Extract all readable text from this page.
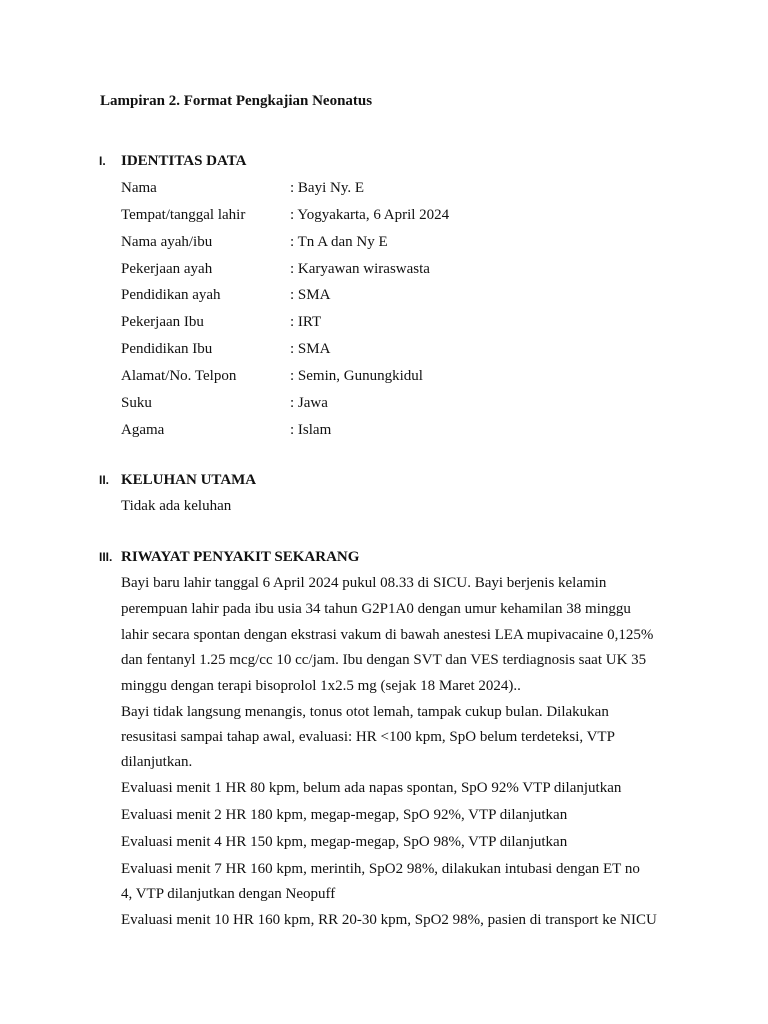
Lampiran 2. Format Pengkajian Neonatus
I. IDENTITAS DATA
Nama	: Bayi Ny. E
Tempat/tanggal lahir	: Yogyakarta, 6 April 2024
Nama ayah/ibu	: Tn A dan Ny E
Pekerjaan ayah	: Karyawan wiraswasta
Pendidikan ayah	: SMA
Pekerjaan Ibu	: IRT
Pendidikan Ibu	: SMA
Alamat/No. Telpon	: Semin, Gunungkidul
Suku	: Jawa
Agama	: Islam
II. KELUHAN UTAMA
Tidak ada keluhan
III. RIWAYAT PENYAKIT SEKARANG
Bayi baru lahir tanggal 6 April 2024 pukul 08.33 di SICU. Bayi berjenis kelamin
perempuan lahir pada ibu usia 34 tahun G2P1A0 dengan umur kehamilan 38 minggu
lahir secara spontan dengan ekstrasi vakum di bawah anestesi LEA mupivacaine 0,125%
dan fentanyl 1.25 mcg/cc 10 cc/jam. Ibu dengan SVT dan VES terdiagnosis saat UK 35
minggu dengan terapi bisoprolol 1x2.5 mg (sejak 18 Maret 2024)..
Bayi tidak langsung menangis, tonus otot lemah, tampak cukup bulan. Dilakukan
resusitasi sampai tahap awal, evaluasi: HR <100 kpm, SpO belum terdeteksi, VTP
dilanjutkan.
Evaluasi menit 1 HR 80 kpm, belum ada napas spontan, SpO 92% VTP dilanjutkan
Evaluasi menit 2 HR 180 kpm, megap-megap, SpO 92%, VTP dilanjutkan
Evaluasi menit 4 HR 150 kpm, megap-megap, SpO 98%, VTP dilanjutkan
Evaluasi menit 7 HR 160 kpm, merintih, SpO2 98%, dilakukan intubasi dengan ET no
4, VTP dilanjutkan dengan Neopuff
Evaluasi menit 10 HR 160 kpm, RR 20-30 kpm, SpO2 98%, pasien di transport ke NICU
